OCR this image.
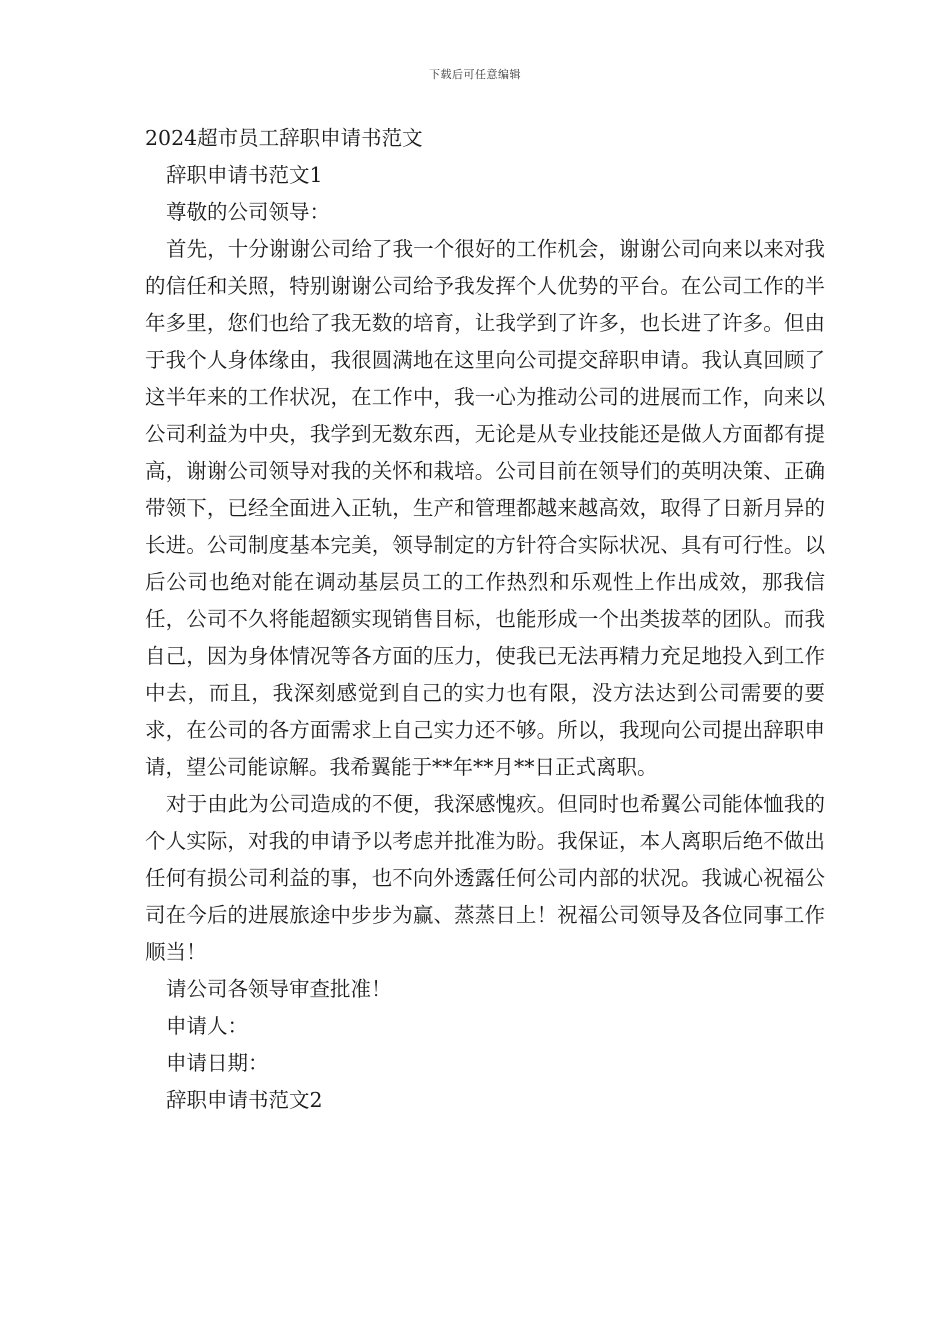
下载后可任意编辑

2024超市员工辞职申请书范文

辞职申请书范文1

尊敬的公司领导：

首先，十分谢谢公司给了我一个很好的工作机会，谢谢公司向来以来对我的信任和关照，特别谢谢公司给予我发挥个人优势的平台。在公司工作的半年多里，您们也给了我无数的培育，让我学到了许多，也长进了许多。但由于我个人身体缘由，我很圆满地在这里向公司提交辞职申请。我认真回顾了这半年来的工作状况，在工作中，我一心为推动公司的进展而工作，向来以公司利益为中央，我学到无数东西，无论是从专业技能还是做人方面都有提高，谢谢公司领导对我的关怀和栽培。公司目前在领导们的英明决策、正确带领下，已经全面进入正轨，生产和管理都越来越高效，取得了日新月异的长进。公司制度基本完美，领导制定的方针符合实际状况、具有可行性。以后公司也绝对能在调动基层员工的工作热烈和乐观性上作出成效，那我信任，公司不久将能超额实现销售目标，也能形成一个出类拔萃的团队。而我自己，因为身体情况等各方面的压力，使我已无法再精力充足地投入到工作中去，而且，我深刻感觉到自己的实力也有限，没方法达到公司需要的要求，在公司的各方面需求上自己实力还不够。所以，我现向公司提出辞职申请，望公司能谅解。我希翼能于**年**月**日正式离职。

对于由此为公司造成的不便，我深感愧疚。但同时也希翼公司能体恤我的个人实际，对我的申请予以考虑并批准为盼。我保证，本人离职后绝不做出任何有损公司利益的事，也不向外透露任何公司内部的状况。我诚心祝福公司在今后的进展旅途中步步为赢、蒸蒸日上！祝福公司领导及各位同事工作顺当！

请公司各领导审查批准！

申请人：

申请日期：

辞职申请书范文2
